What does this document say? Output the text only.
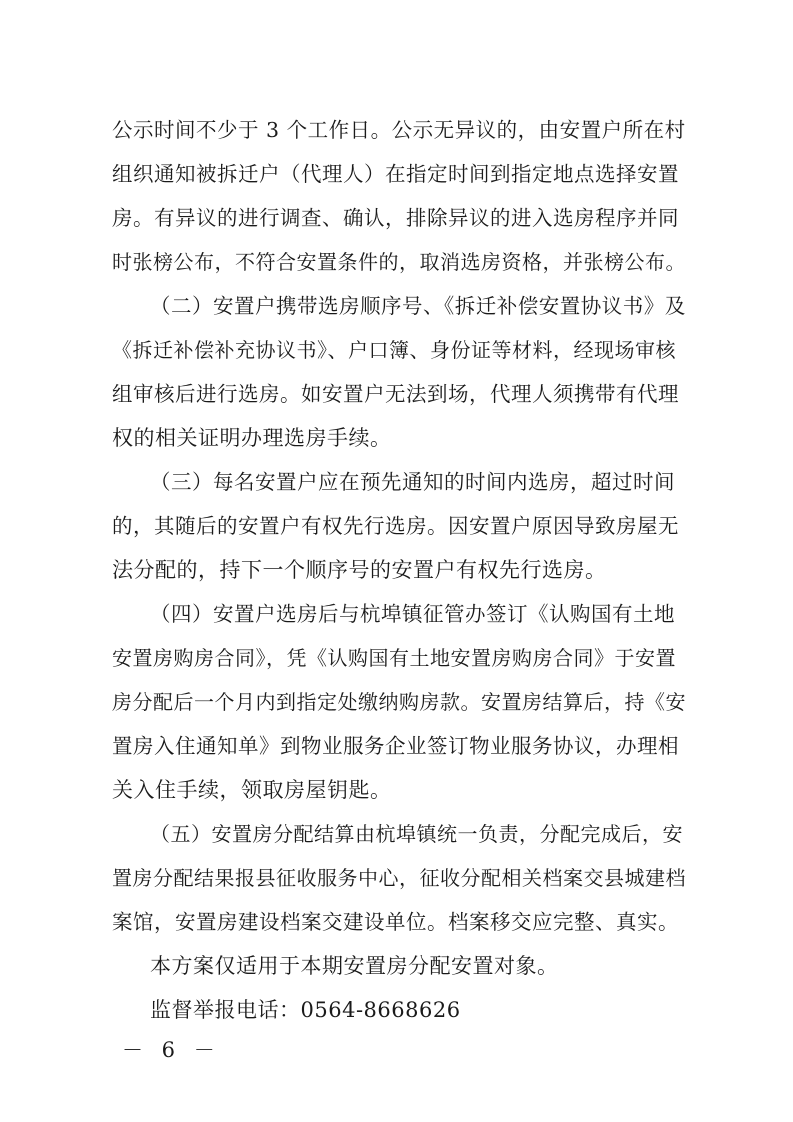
公示时间不少于 3 个工作日。公示无异议的，由安置户所在村
组织通知被拆迁户（代理人）在指定时间到指定地点选择安置
房。有异议的进行调查、确认，排除异议的进入选房程序并同
时张榜公布，不符合安置条件的，取消选房资格，并张榜公布。
（二）安置户携带选房顺序号、《拆迁补偿安置协议书》及
《拆迁补偿补充协议书》、户口簿、身份证等材料，经现场审核
组审核后进行选房。如安置户无法到场，代理人须携带有代理
权的相关证明办理选房手续。
（三）每名安置户应在预先通知的时间内选房，超过时间
的，其随后的安置户有权先行选房。因安置户原因导致房屋无
法分配的，持下一个顺序号的安置户有权先行选房。
（四）安置户选房后与杭埠镇征管办签订《认购国有土地
安置房购房合同》，凭《认购国有土地安置房购房合同》于安置
房分配后一个月内到指定处缴纳购房款。安置房结算后，持《安
置房入住通知单》到物业服务企业签订物业服务协议，办理相
关入住手续，领取房屋钥匙。
（五）安置房分配结算由杭埠镇统一负责，分配完成后，安
置房分配结果报县征收服务中心，征收分配相关档案交县城建档
案馆，安置房建设档案交建设单位。档案移交应完整、真实。
本方案仅适用于本期安置房分配安置对象。
监督举报电话：0564-8668626
－ 6 －
